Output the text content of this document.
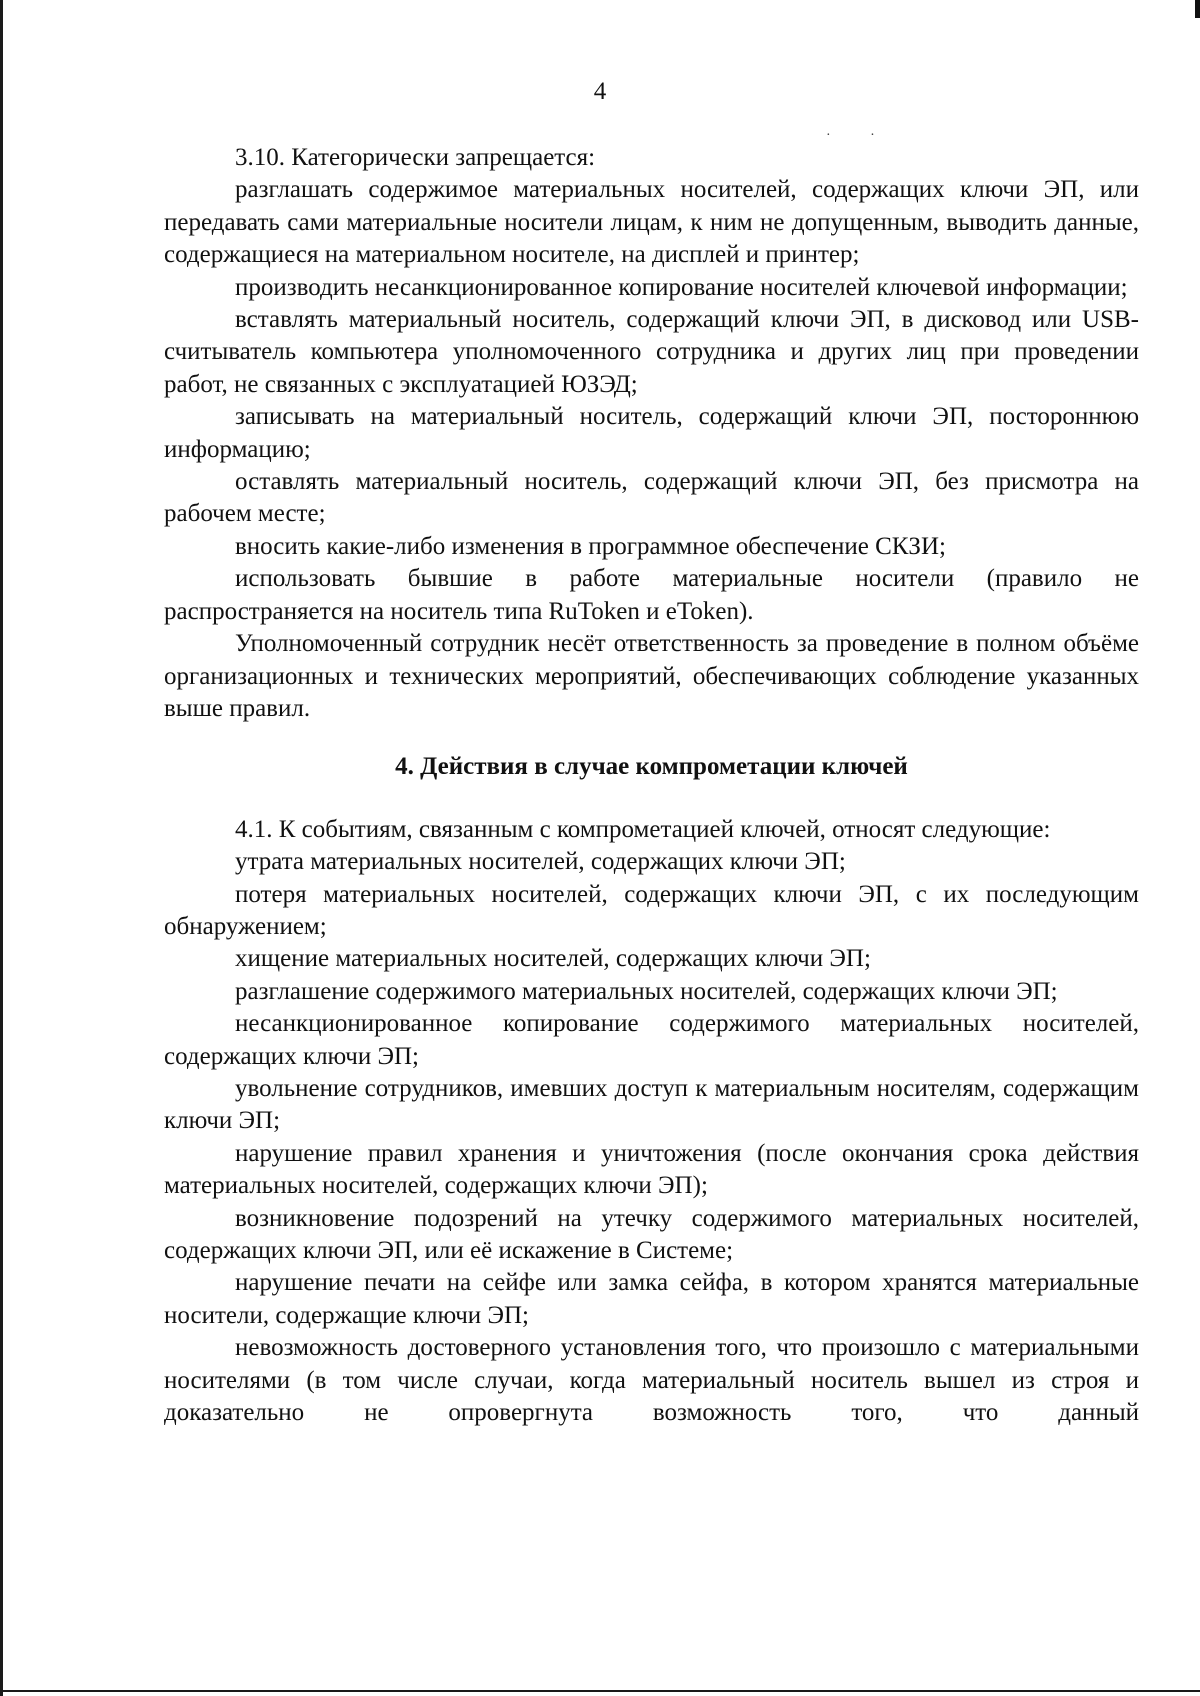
4
· ·

3.10. Категорически запрещается:

разглашать содержимое материальных носителей, содержащих ключи ЭП, или передавать сами материальные носители лицам, к ним не допущенным, выводить данные, содержащиеся на материальном носителе, на дисплей и принтер;

производить несанкционированное копирование носителей ключевой информации;

вставлять материальный носитель, содержащий ключи ЭП, в дисковод или USB-считыватель компьютера уполномоченного сотрудника и других лиц при проведении работ, не связанных с эксплуатацией ЮЗЭД;

записывать на материальный носитель, содержащий ключи ЭП, постороннюю информацию;

оставлять материальный носитель, содержащий ключи ЭП, без присмотра на рабочем месте;

вносить какие-либо изменения в программное обеспечение СКЗИ;

использовать бывшие в работе материальные носители (правило не распространяется на носитель типа RuToken и eToken).

Уполномоченный сотрудник несёт ответственность за проведение в полном объёме организационных и технических мероприятий, обеспечивающих соблюдение указанных выше правил.

4. Действия в случае компрометации ключей

4.1. К событиям, связанным с компрометацией ключей, относят следующие:

утрата материальных носителей, содержащих ключи ЭП;

потеря материальных носителей, содержащих ключи ЭП, с их последующим обнаружением;

хищение материальных носителей, содержащих ключи ЭП;

разглашение содержимого материальных носителей, содержащих ключи ЭП;

несанкционированное копирование содержимого материальных носителей, содержащих ключи ЭП;

увольнение сотрудников, имевших доступ к материальным носителям, содержащим ключи ЭП;

нарушение правил хранения и уничтожения (после окончания срока действия материальных носителей, содержащих ключи ЭП);

возникновение подозрений на утечку содержимого материальных носителей, содержащих ключи ЭП, или её искажение в Системе;

нарушение печати на сейфе или замка сейфа, в котором хранятся материальные носители, содержащие ключи ЭП;

невозможность достоверного установления того, что произошло с материальными носителями (в том числе случаи, когда материальный носитель вышел из строя и доказательно не опровергнута возможность того, что данный
